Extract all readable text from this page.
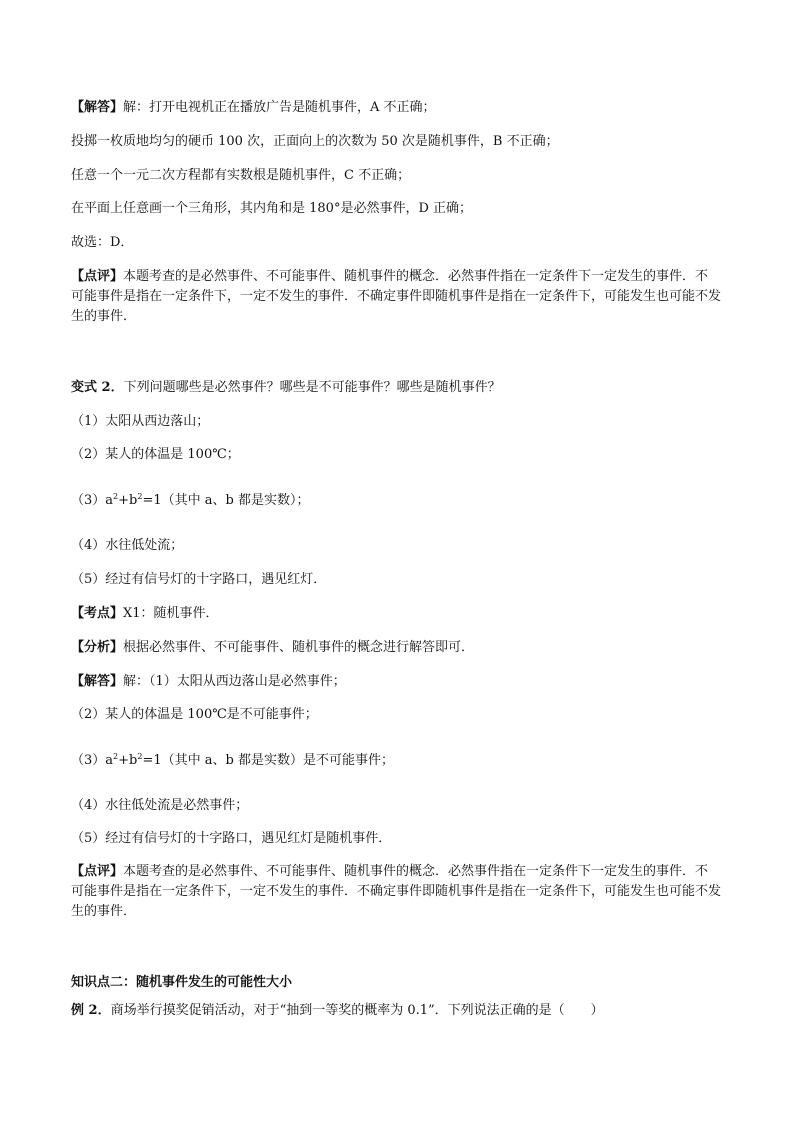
【解答】解：打开电视机正在播放广告是随机事件，A 不正确；
投掷一枚质地均匀的硬币 100 次，正面向上的次数为 50 次是随机事件，B 不正确；
任意一个一元二次方程都有实数根是随机事件，C 不正确；
在平面上任意画一个三角形，其内角和是 180°是必然事件，D 正确；
故选：D．
【点评】本题考查的是必然事件、不可能事件、随机事件的概念．必然事件指在一定条件下一定发生的事件．不可能事件是指在一定条件下，一定不发生的事件．不确定事件即随机事件是指在一定条件下，可能发生也可能不发生的事件．
变式 2．下列问题哪些是必然事件？哪些是不可能事件？哪些是随机事件？
（1）太阳从西边落山；
（2）某人的体温是 100℃；
$(3)a^2+b^2=1$（其中 a、b 都是实数）；
（4）水往低处流；
（5）经过有信号灯的十字路口，遇见红灯．
【考点】X1：随机事件．
【分析】根据必然事件、不可能事件、随机事件的概念进行解答即可．
【解答】解：（1）太阳从西边落山是必然事件；
（2）某人的体温是 100℃是不可能事件；
$(3)a^2+b^2=1$（其中 a、b 都是实数）是不可能事件；
（4）水往低处流是必然事件；
（5）经过有信号灯的十字路口，遇见红灯是随机事件．
【点评】本题考查的是必然事件、不可能事件、随机事件的概念．必然事件指在一定条件下一定发生的事件．不可能事件是指在一定条件下，一定不发生的事件．不确定事件即随机事件是指在一定条件下，可能发生也可能不发生的事件．
知识点二：随机事件发生的可能性大小
例 2．商场举行摸奖促销活动，对于“抽到一等奖的概率为 0.1”．下列说法正确的是（　　）
